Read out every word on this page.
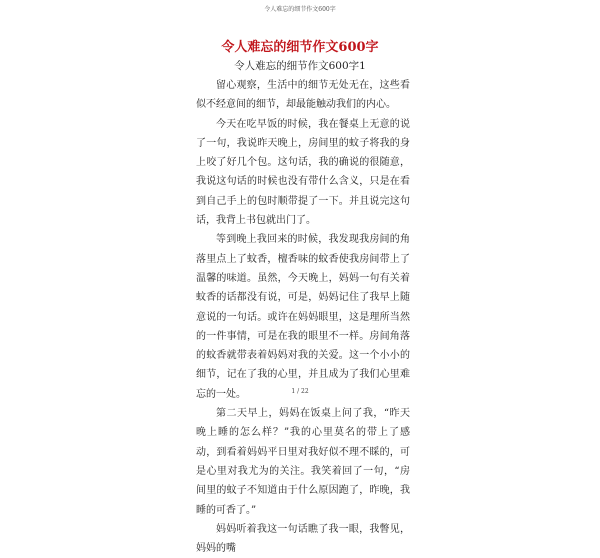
令人难忘的细节作文600字
令人难忘的细节作文600字
令人难忘的细节作文600字1

留心观察，生活中的细节无处无在，这些看似不经意间的细节，却最能触动我们的内心。

今天在吃早饭的时候，我在餐桌上无意的说了一句，我说昨天晚上，房间里的蚊子将我的身上咬了好几个包。这句话，我的确说的很随意，我说这句话的时候也没有带什么含义，只是在看到自己手上的包时顺带提了一下。并且说完这句话，我背上书包就出门了。

等到晚上我回来的时候，我发现我房间的角落里点上了蚊香，檀香味的蚊香使我房间带上了温馨的味道。虽然，今天晚上，妈妈一句有关着蚊香的话都没有说，可是，妈妈记住了我早上随意说的一句话。或许在妈妈眼里，这是理所当然的一件事情，可是在我的眼里不一样。房间角落的蚊香就带表着妈妈对我的关爱。这一个小小的细节，记在了我的心里，并且成为了我们心里难忘的一处。

第二天早上，妈妈在饭桌上问了我，“昨天晚上睡的怎么样？”我的心里莫名的带上了感动，到看着妈妈平日里对我好似不理不睬的，可是心里对我尤为的关注。我笑着回了一句，“房间里的蚊子不知道由于什么原因跑了，昨晚，我睡的可香了。”

妈妈听着我这一句话瞧了我一眼，我瞥见，妈妈的嘴

1 / 22
